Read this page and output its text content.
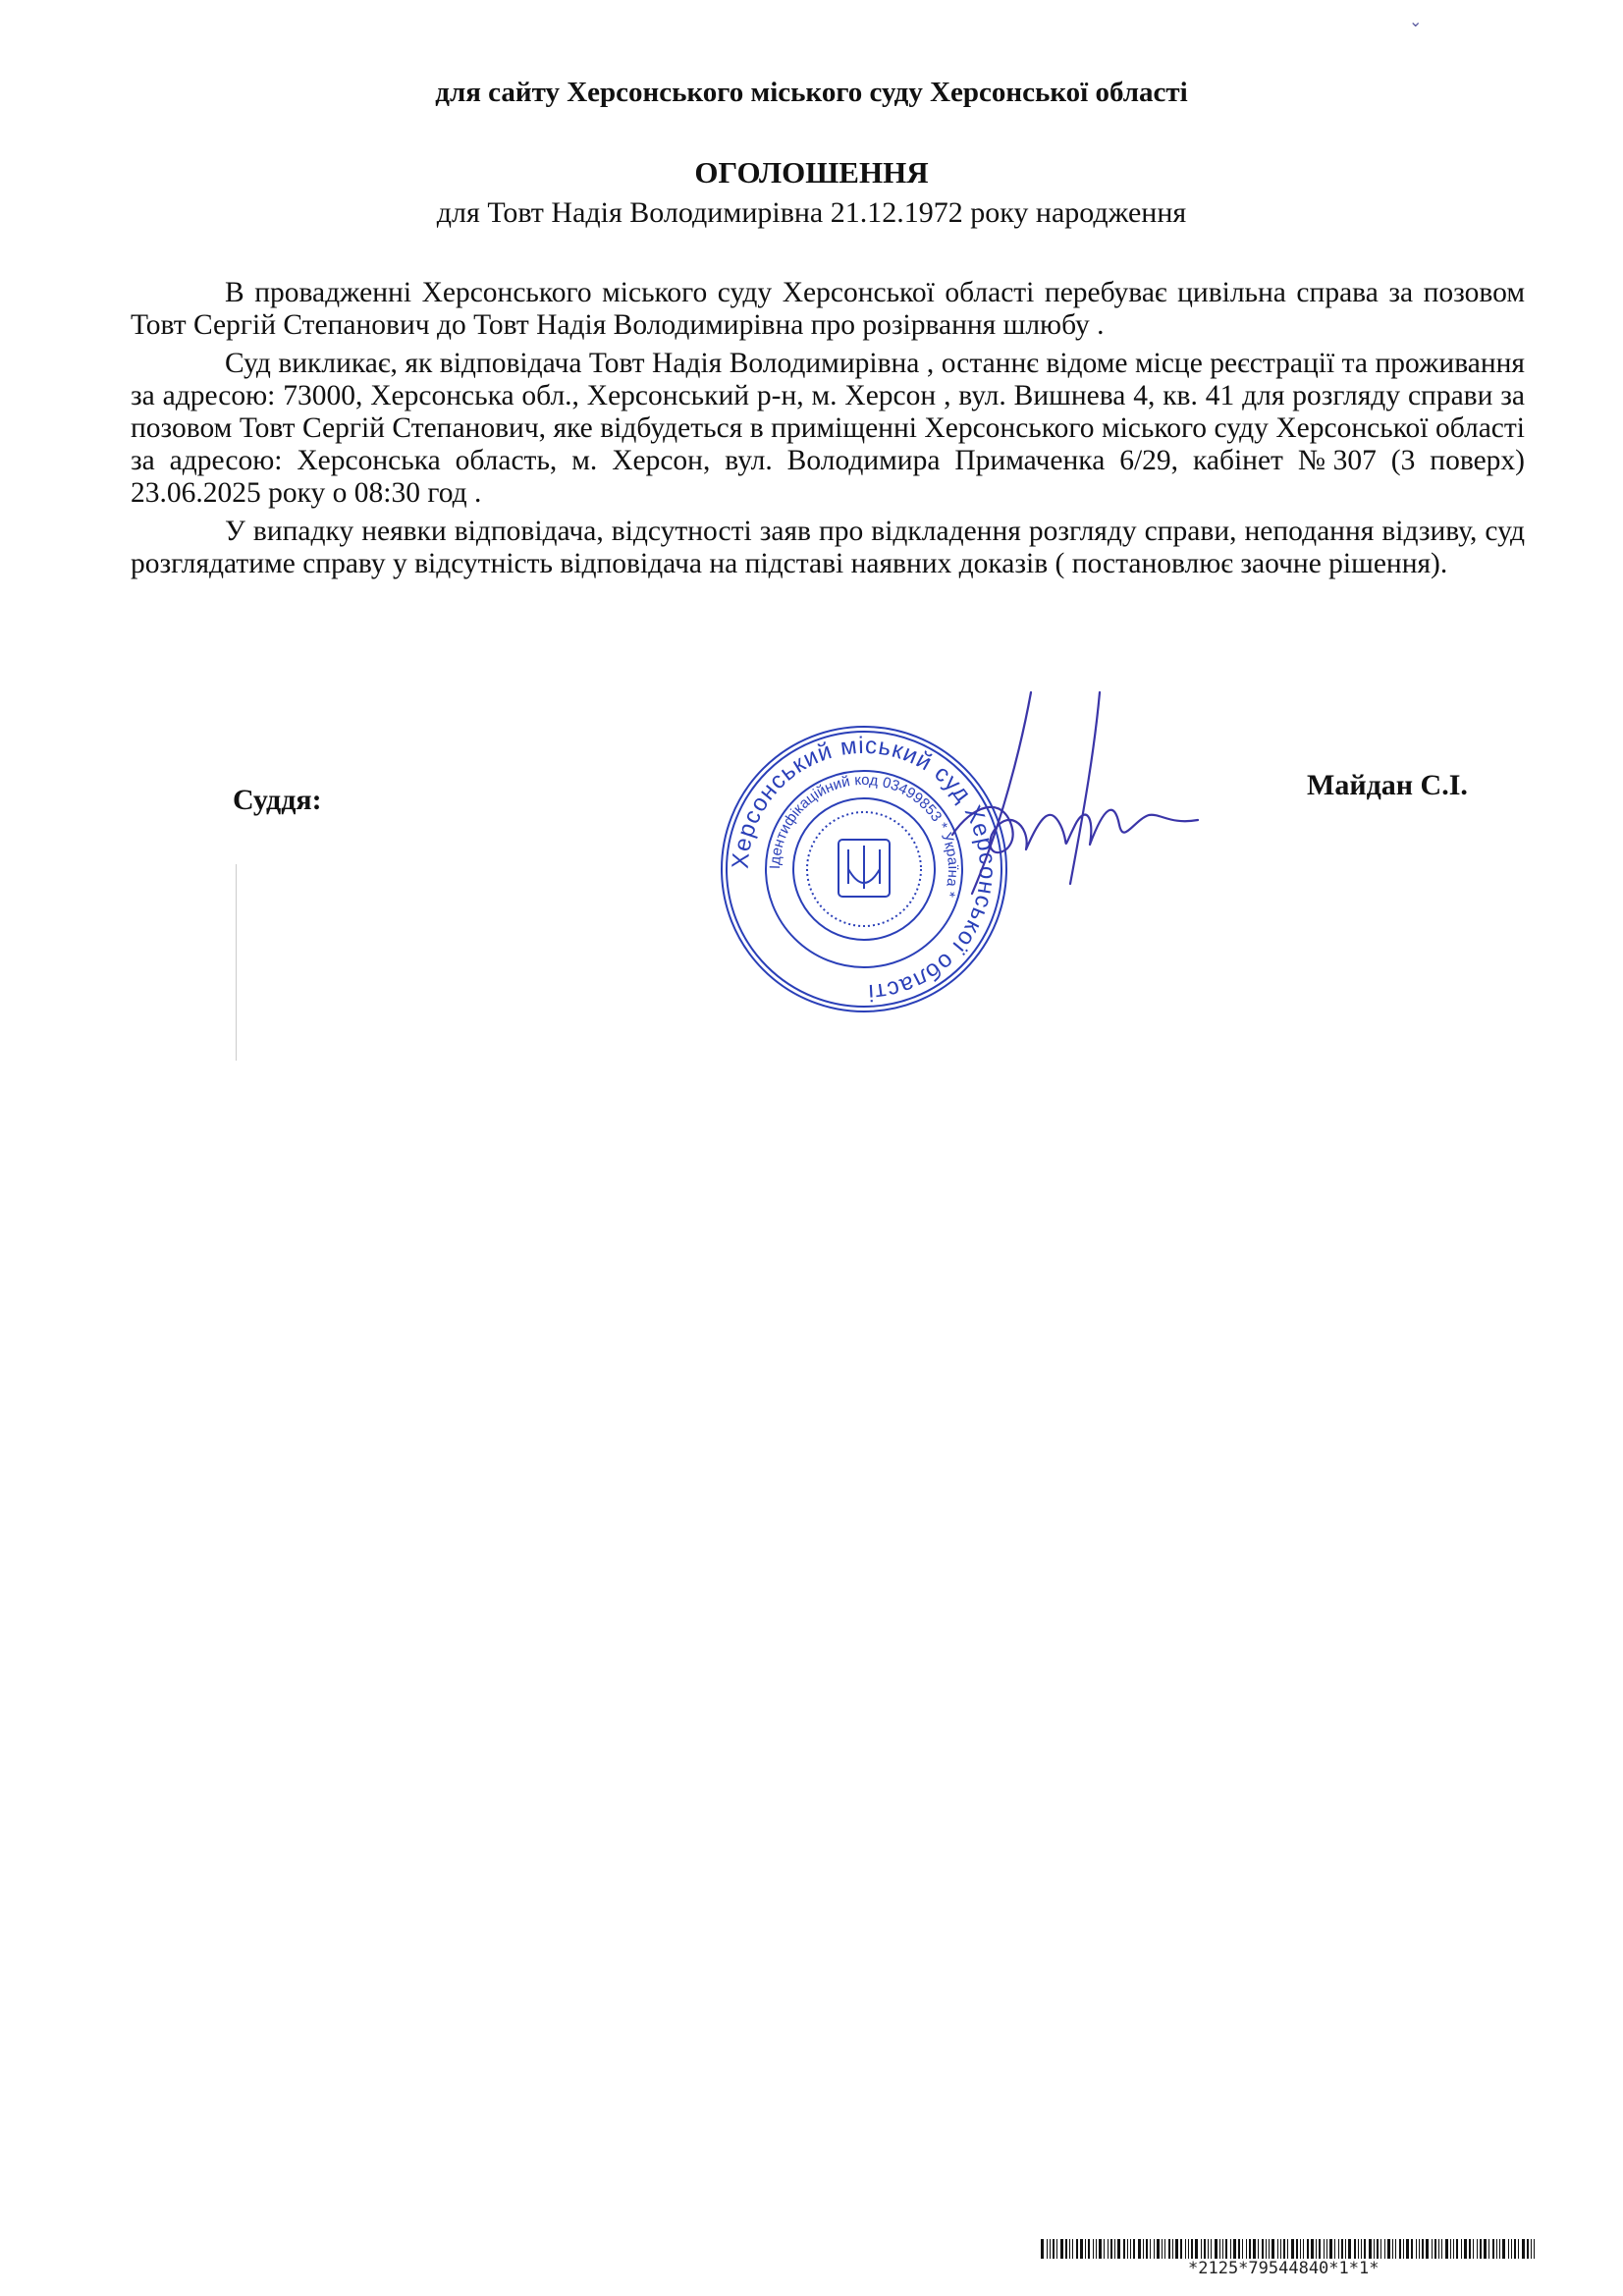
⌄
для сайту Херсонського міського суду Херсонської області
ОГОЛОШЕННЯ
для Товт Надія Володимирівна 21.12.1972 року народження

В провадженні Херсонського міського суду Херсонської області перебуває цивільна справа за позовом Товт Сергій Степанович до Товт Надія Володимирівна про розірвання шлюбу .

Суд викликає, як відповідача Товт Надія Володимирівна , останнє відоме місце реєстрації та проживання за адресою: 73000, Херсонська обл., Херсонський р-н, м. Херсон , вул. Вишнева 4, кв. 41 для розгляду справи за позовом Товт Сергій Степанович, яке відбудеться в приміщенні Херсонського міського суду Херсонської області за адресою: Херсонська область, м. Херсон, вул. Володимира Примаченка 6/29, кабінет №307 (3 поверх) 23.06.2025 року о 08:30 год .

У випадку неявки відповідача, відсутності заяв про відкладення розгляду справи, неподання відзиву, суд розглядатиме справу у відсутність відповідача на підставі наявних доказів ( постановлює заочне рішення).

Суддя:	Майдан С.І.
Херсонський міський суд Херсонської області
Ідентифікаційний код 03499853 * Україна *
*2125*79544840*1*1*
